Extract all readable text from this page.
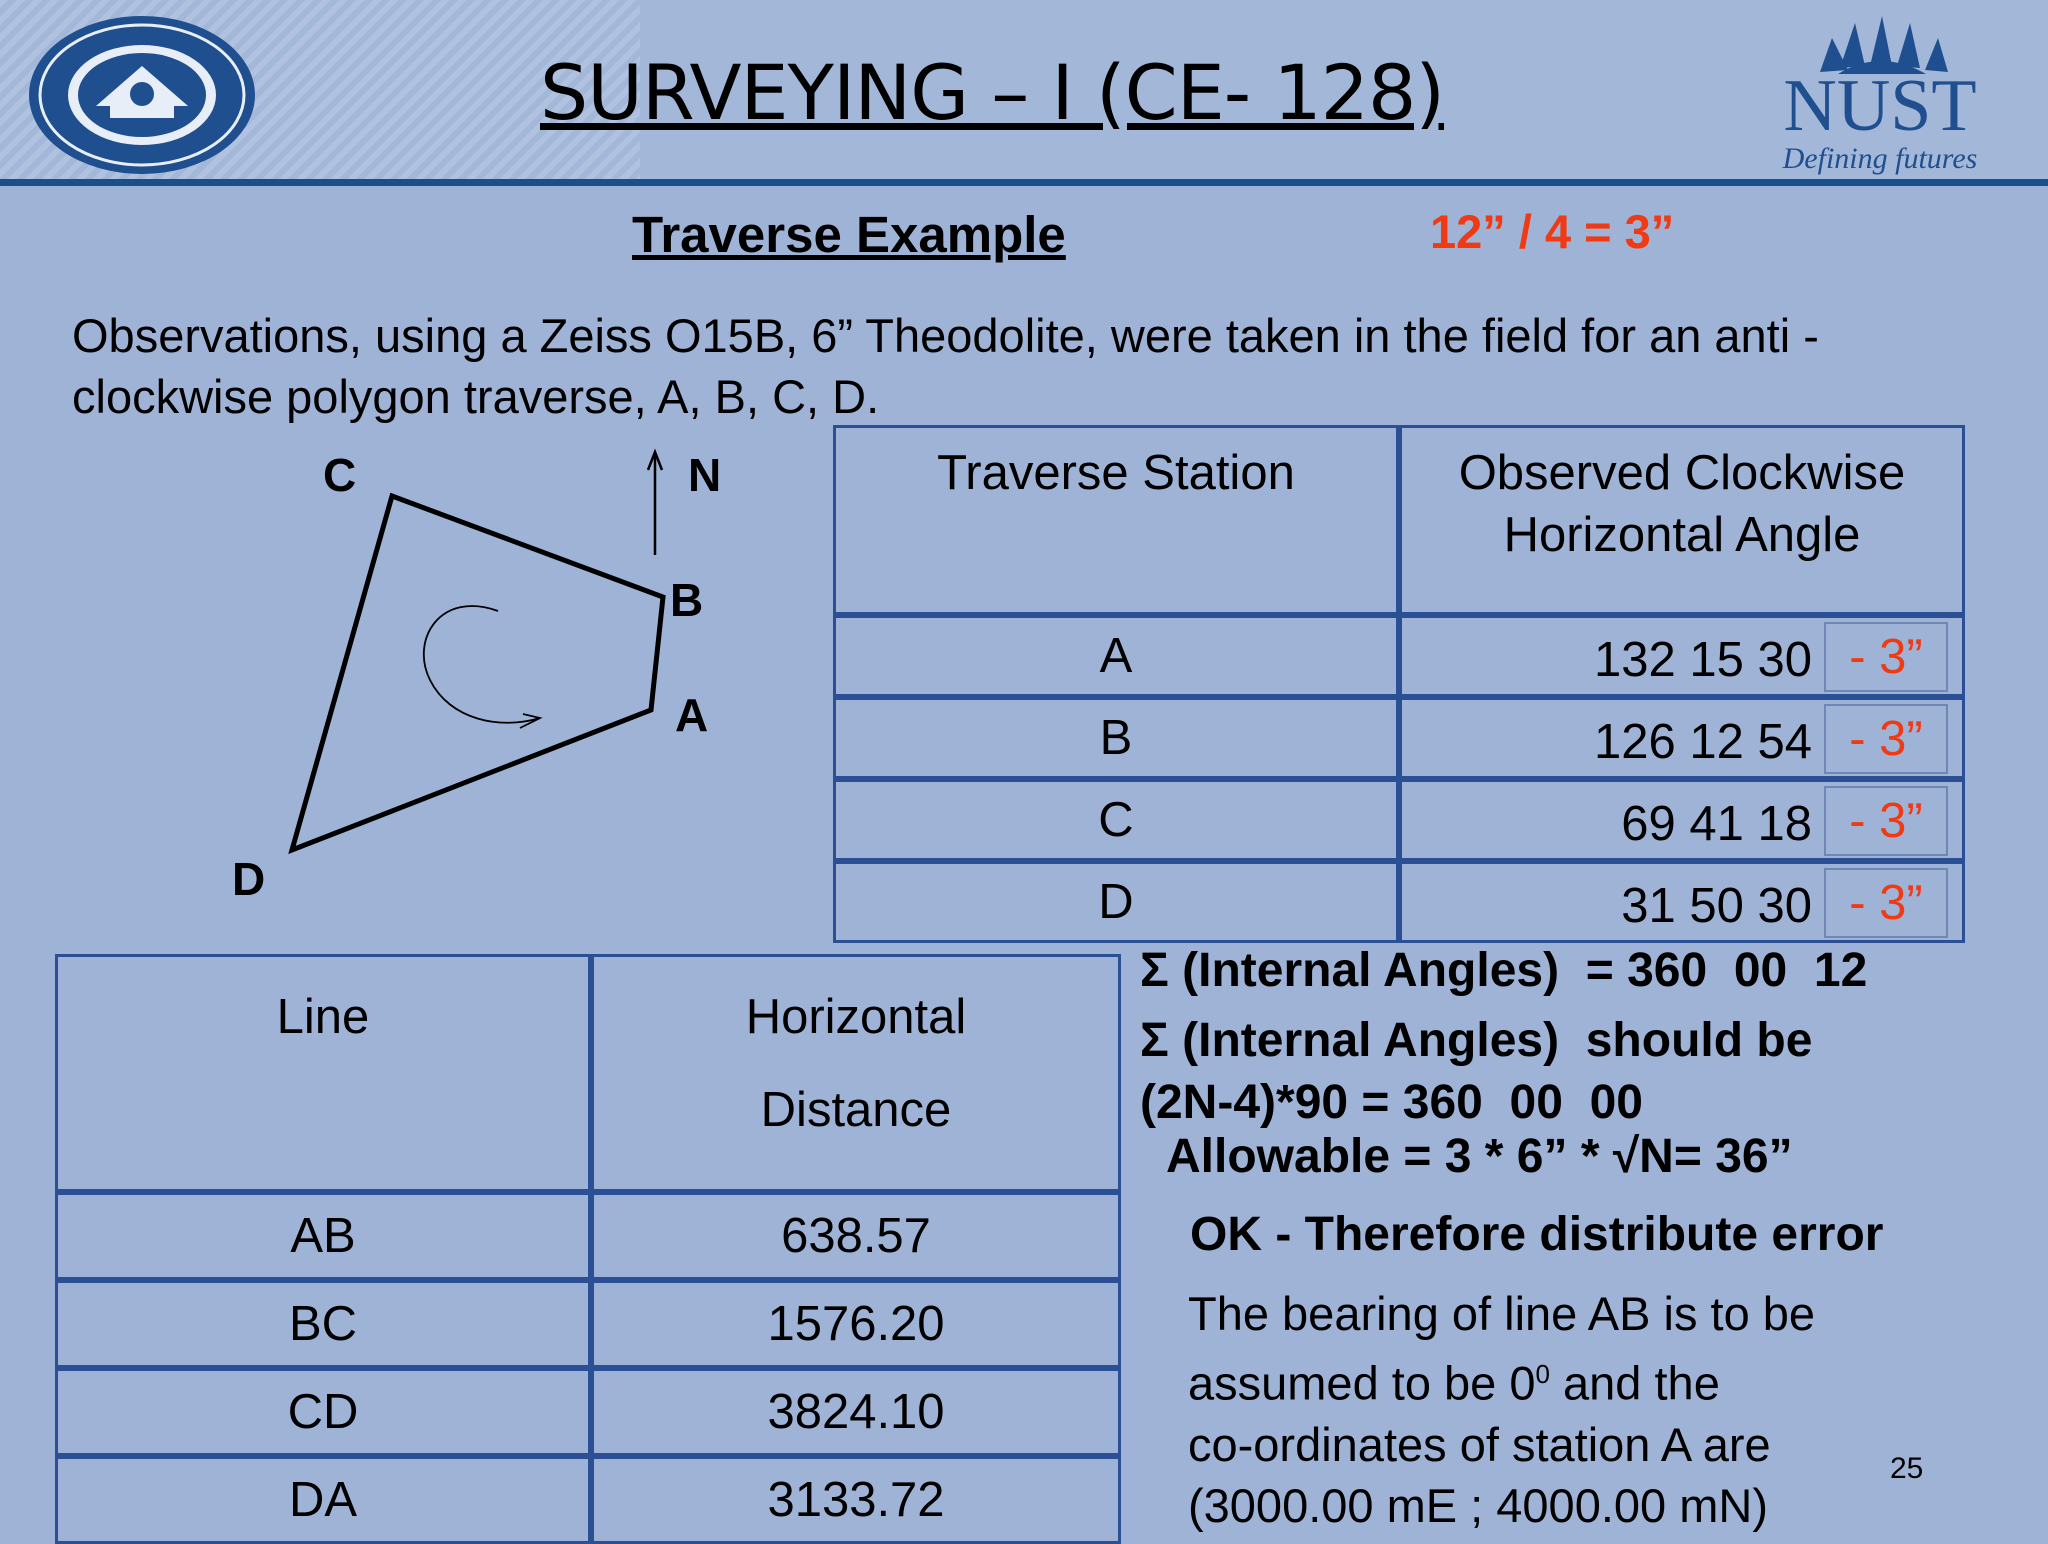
SURVEYING – I (CE- 128)	NUST
Defining futures
Traverse Example	12” / 4 = 3”
Observations, using a Zeiss O15B, 6” Theodolite, were taken in the field for an anti - clockwise polygon traverse, A, B, C, D.
C	N
B
A
D
Traverse Station	Observed Clockwise
Horizontal Angle
A	132 15 30 - 3”

B	126 12 54 - 3”

C	69 41 18 - 3”

D	31 50 30 - 3”
Line	Horizontal
Distance
AB	638.57
BC	1576.20
CD	3824.10
DA	3133.72
Σ (Internal Angles)  = 360  00  12
Σ (Internal Angles)  should be
(2N-4)*90 = 360  00  00
Allowable = 3 * 6” * √N= 36”
OK - Therefore distribute error
The bearing of line AB is to be
assumed to be $0^0$ and the
co-ordinates of station A are
(3000.00 mE ; 4000.00 mN)
25
